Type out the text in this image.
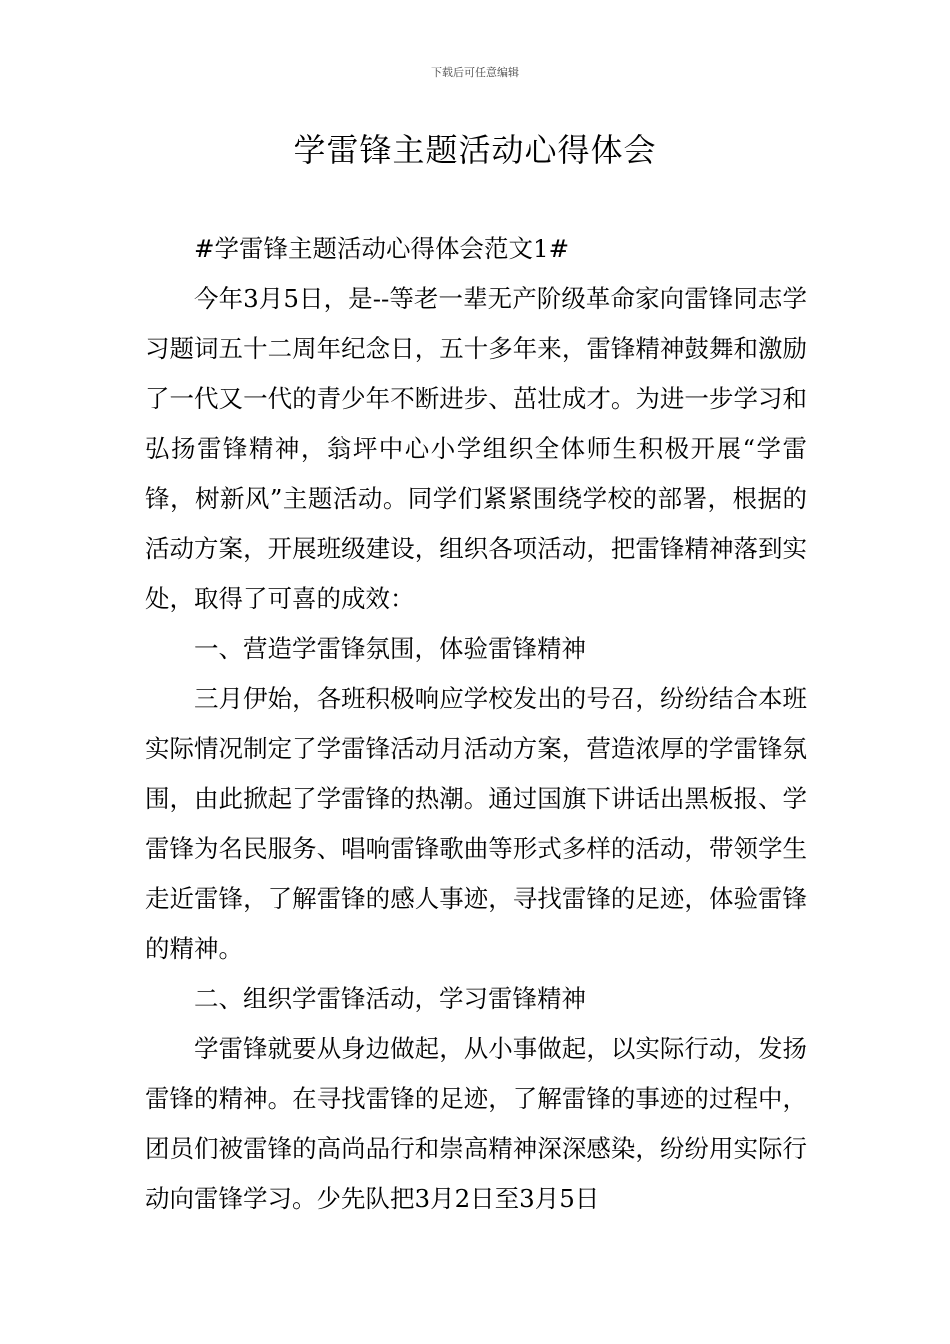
下载后可任意编辑
学雷锋主题活动心得体会

#学雷锋主题活动心得体会范文1#

今年3月5日，是--等老一辈无产阶级革命家向雷锋同志学习题词五十二周年纪念日，五十多年来，雷锋精神鼓舞和激励了一代又一代的青少年不断进步、茁壮成才。为进一步学习和弘扬雷锋精神，翁坪中心小学组织全体师生积极开展“学雷锋，树新风”主题活动。同学们紧紧围绕学校的部署，根据的活动方案，开展班级建设，组织各项活动，把雷锋精神落到实处，取得了可喜的成效：

一、营造学雷锋氛围，体验雷锋精神

三月伊始，各班积极响应学校发出的号召，纷纷结合本班实际情况制定了学雷锋活动月活动方案，营造浓厚的学雷锋氛围，由此掀起了学雷锋的热潮。通过国旗下讲话出黑板报、学雷锋为名民服务、唱响雷锋歌曲等形式多样的活动，带领学生走近雷锋，了解雷锋的感人事迹，寻找雷锋的足迹，体验雷锋的精神。

二、组织学雷锋活动，学习雷锋精神

学雷锋就要从身边做起，从小事做起，以实际行动，发扬雷锋的精神。在寻找雷锋的足迹，了解雷锋的事迹的过程中，团员们被雷锋的高尚品行和崇高精神深深感染，纷纷用实际行动向雷锋学习。少先队把3月2日至3月5日
